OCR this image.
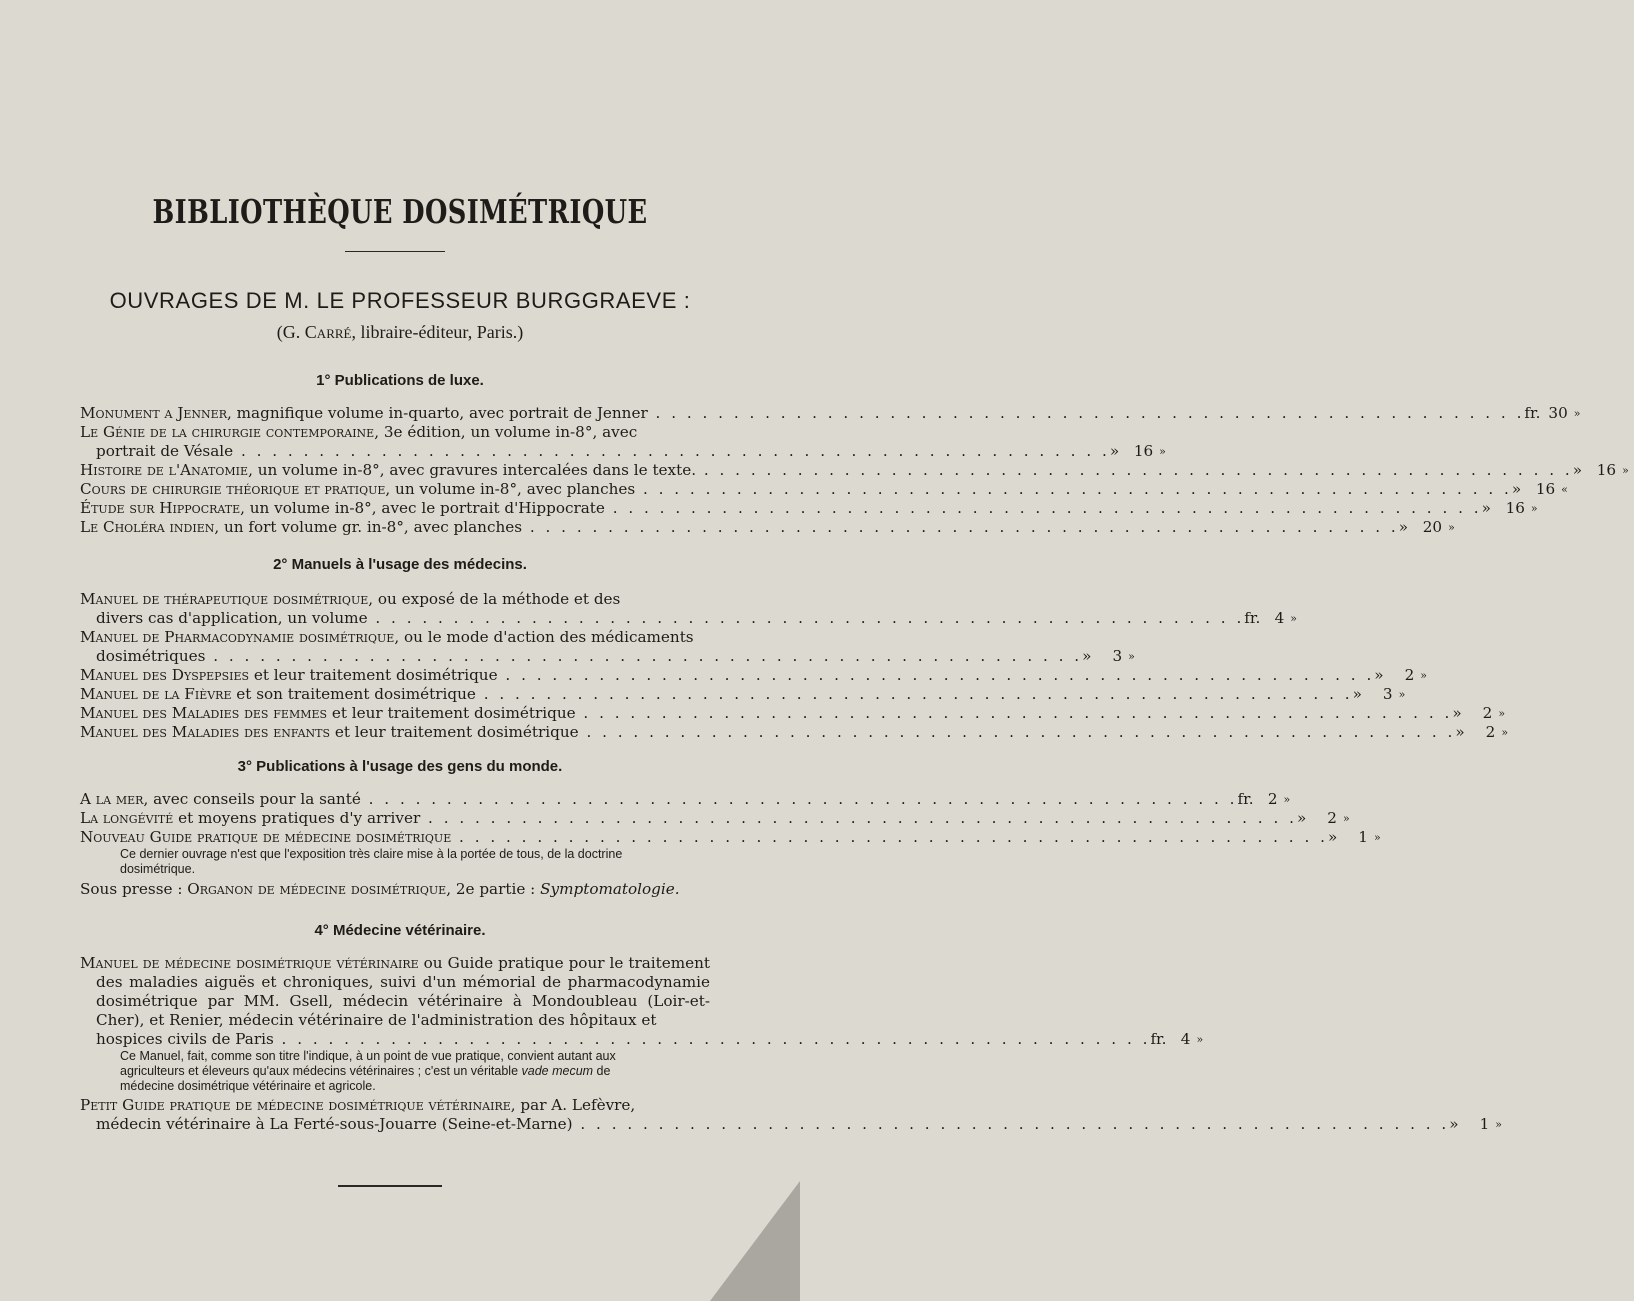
BIBLIOTHÈQUE DOSIMÉTRIQUE
OUVRAGES DE M. LE PROFESSEUR BURGGRAEVE :
(G. Carré, libraire-éditeur, Paris.)
1° Publications de luxe.
Monument a Jenner, magnifique volume in-quarto, avec portrait de Jenner . . .	fr. 30 »
Le Génie de la chirurgie contemporaine, 3e édition, un volume in-8°, avec
portrait de Vésale . . .	» 16 »
Histoire de l'Anatomie, un volume in-8°, avec gravures intercalées dans le texte. . . .	» 16 »
Cours de chirurgie théorique et pratique, un volume in-8°, avec planches . . .	» 16 «
Étude sur Hippocrate, un volume in-8°, avec le portrait d'Hippocrate . . .	» 16 »
Le Choléra indien, un fort volume gr. in-8°, avec planches . . .	» 20 »
2° Manuels à l'usage des médecins.
Manuel de thérapeutique dosimétrique, ou exposé de la méthode et des
divers cas d'application, un volume . . .	fr. 4 »
Manuel de Pharmacodynamie dosimétrique, ou le mode d'action des médicaments
dosimétriques . . .	»	3 »
Manuel des Dyspepsies et leur traitement dosimétrique . . .	»	2 »
Manuel de la Fièvre et son traitement dosimétrique . . .	»	3 »
Manuel des Maladies des femmes et leur traitement dosimétrique . . .	»	2 »
Manuel des Maladies des enfants et leur traitement dosimétrique . . .	»	2 »
3° Publications à l'usage des gens du monde.
A la mer, avec conseils pour la santé . . .	fr. 2 »
La longévité et moyens pratiques d'y arriver . . .	»	2 »
Nouveau Guide pratique de médecine dosimétrique . . .	»	1 »
Ce dernier ouvrage n'est que l'exposition très claire mise à la portée de tous, de la doctrine dosimétrique.
Sous presse : Organon de médecine dosimétrique, 2e partie : Symptomatologie.
4° Médecine vétérinaire.
Manuel de médecine dosimétrique vétérinaire ou Guide pratique pour le traitement des maladies aiguës et chroniques, suivi d'un mémorial de pharmacodynamie dosimétrique par MM. Gsell, médecin vétérinaire à Mondoubleau (Loir-et-Cher), et Renier, médecin vétérinaire de l'administration des hôpitaux et
hospices civils de Paris . . .	fr. 4 »
Ce Manuel, fait, comme son titre l'indique, à un point de vue pratique, convient autant aux agriculteurs et éleveurs qu'aux médecins vétérinaires ; c'est un véritable vade mecum de médecine dosimétrique vétérinaire et agricole.
Petit Guide pratique de médecine dosimétrique vétérinaire, par A. Lefèvre,
médecin vétérinaire à La Ferté-sous-Jouarre (Seine-et-Marne) . . .	»	1 »
